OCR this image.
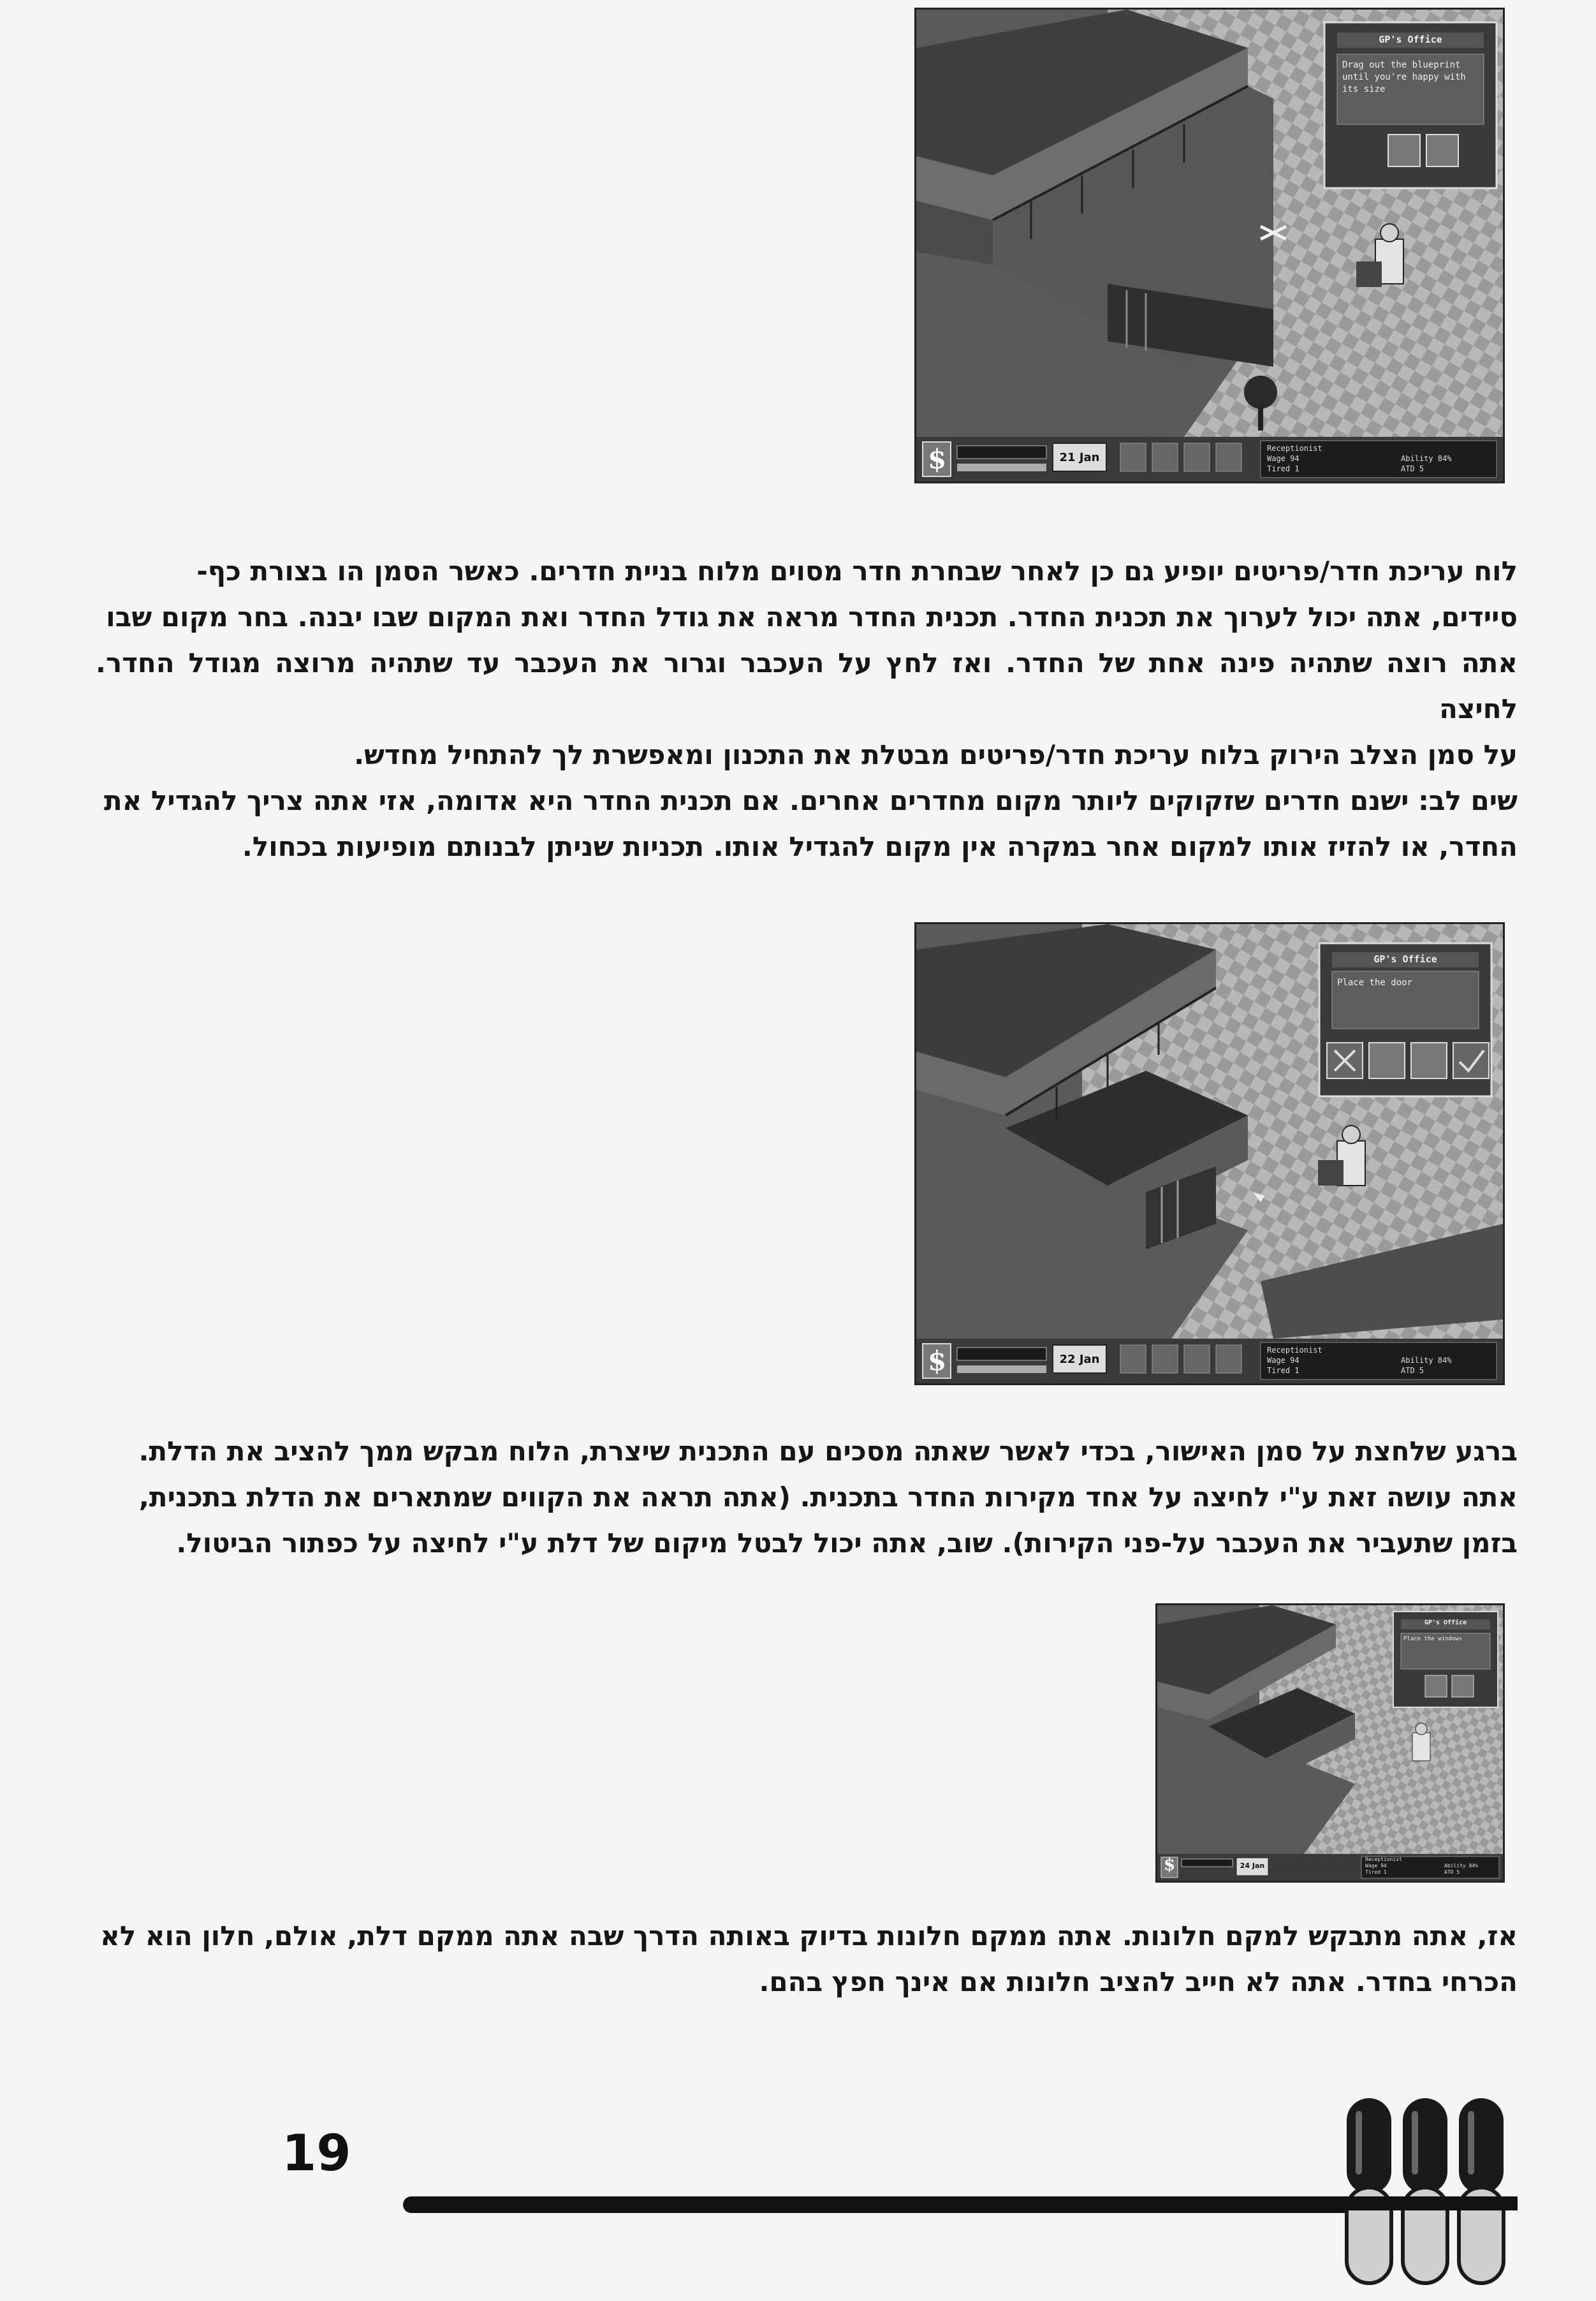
GP's Office
Drag out the blueprint until you're happy with its size
21 Jan
$	Receptionist
Wage 94
Tired 1
Ability 84%
ATD 5

לוח עריכת חדר/פריטים יופיע גם כן לאחר שבחרת חדר מסוים מלוח בניית חדרים. כאשר הסמן הו בצורת כף-

סיידים, אתה יכול לערוך את תכנית החדר. תכנית החדר מראה את גודל החדר ואת המקום שבו יבנה. בחר מקום שבו

אתה רוצה שתהיה פינה אחת של החדר. ואז לחץ על העכבר וגרור את העכבר עד שתהיה מרוצה מגודל החדר. לחיצה

על סמן הצלב הירוק בלוח עריכת חדר/פריטים מבטלת את התכנון ומאפשרת לך להתחיל מחדש.

שים לב: ישנם חדרים שזקוקים ליותר מקום מחדרים אחרים. אם תכנית החדר היא אדומה, אזי אתה צריך להגדיל את

החדר, או להזיז אותו למקום אחר במקרה אין מקום להגדיל אותו. תכניות שניתן לבנותם מופיעות בכחול.

GP's Office
Place the door
22 Jan
$	Receptionist
Wage 94
Tired 1
Ability 84%
ATD 5

ברגע שלחצת על סמן האישור, בכדי לאשר שאתה מסכים עם התכנית שיצרת, הלוח מבקש ממך להציב את הדלת.

אתה עושה זאת ע"י לחיצה על אחד מקירות החדר בתכנית. (אתה תראה את הקווים שמתארים את הדלת בתכנית,

בזמן שתעביר את העכבר על-פני הקירות). שוב, אתה יכול לבטל מיקום של דלת ע"י לחיצה על כפתור הביטול.

GP's Office
Place the windows
24 Jan
$	Receptionist
Wage 94
Tired 1
Ability 84%
ATD 5

אז, אתה מתבקש למקם חלונות. אתה ממקם חלונות בדיוק באותה הדרך שבה אתה ממקם דלת, אולם, חלון הוא לא

הכרחי בחדר. אתה לא חייב להציב חלונות אם אינך חפץ בהם.

19
